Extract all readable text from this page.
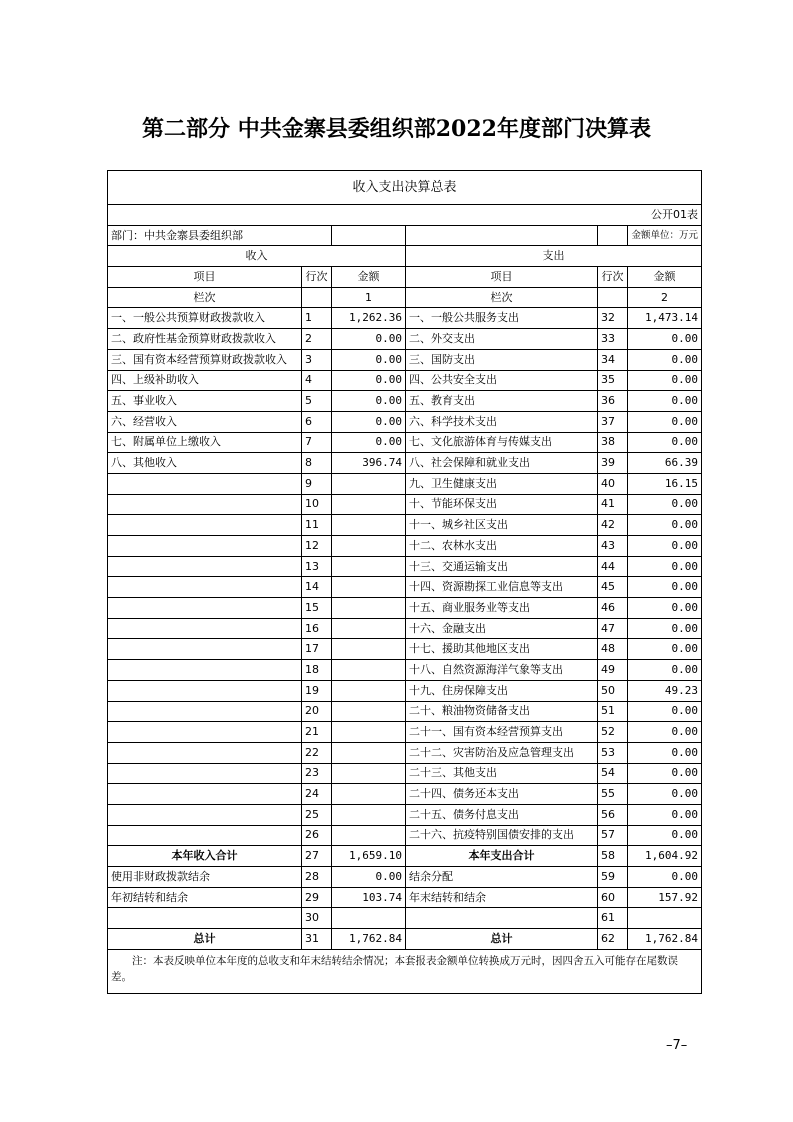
第二部分 中共金寨县委组织部2022年度部门决算表
收入支出决算总表					
					公开01表
部门：中共金寨县委组织部					金额单位：万元
收入			支出		
项目	行次	金额	项目	行次	金额
栏次		1	栏次		2
一、一般公共预算财政拨款收入	1	1,262.36	一、一般公共服务支出	32	1,473.14
二、政府性基金预算财政拨款收入	2	0.00	二、外交支出	33	0.00
三、国有资本经营预算财政拨款收入	3	0.00	三、国防支出	34	0.00
四、上级补助收入	4	0.00	四、公共安全支出	35	0.00
五、事业收入	5	0.00	五、教育支出	36	0.00
六、经营收入	6	0.00	六、科学技术支出	37	0.00
七、附属单位上缴收入	7	0.00	七、文化旅游体育与传媒支出	38	0.00
八、其他收入	8	396.74	八、社会保障和就业支出	39	66.39
	9		九、卫生健康支出	40	16.15
	10		十、节能环保支出	41	0.00
	11		十一、城乡社区支出	42	0.00
	12		十二、农林水支出	43	0.00
	13		十三、交通运输支出	44	0.00
	14		十四、资源勘探工业信息等支出	45	0.00
	15		十五、商业服务业等支出	46	0.00
	16		十六、金融支出	47	0.00
	17		十七、援助其他地区支出	48	0.00
	18		十八、自然资源海洋气象等支出	49	0.00
	19		十九、住房保障支出	50	49.23
	20		二十、粮油物资储备支出	51	0.00
	21		二十一、国有资本经营预算支出	52	0.00
	22		二十二、灾害防治及应急管理支出	53	0.00
	23		二十三、其他支出	54	0.00
	24		二十四、债务还本支出	55	0.00
	25		二十五、债务付息支出	56	0.00
	26		二十六、抗疫特别国债安排的支出	57	0.00
本年收入合计	27	1,659.10	本年支出合计	58	1,604.92
使用非财政拨款结余	28	0.00	结余分配	59	0.00
年初结转和结余	29	103.74	年末结转和结余	60	157.92
	30			61	
总计	31	1,762.84	总计	62	1,762.84
注：本表反映单位本年度的总收支和年末结转结余情况；本套报表金额单位转换成万元时，因四舍五入可能存在尾数误差。					
–7–
